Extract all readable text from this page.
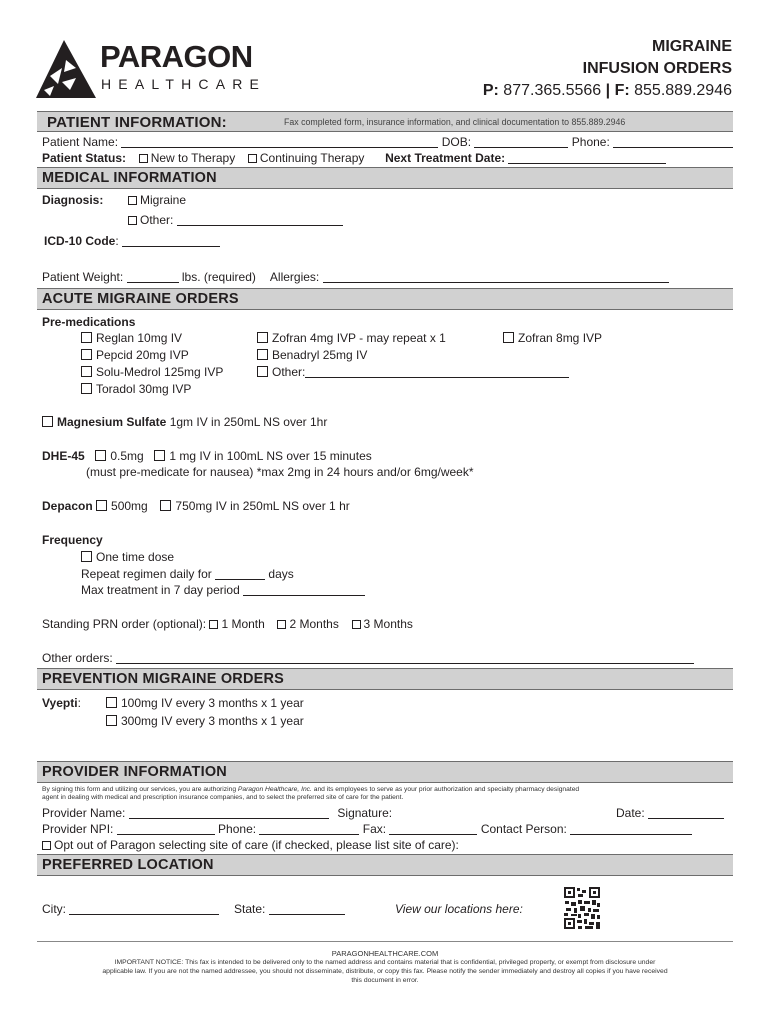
PARAGON
HEALTHCARE
MIGRAINE
INFUSION ORDERS
P: 877.365.5566 | F: 855.889.2946
PATIENT INFORMATION:	Fax completed form, insurance information, and clinical documentation to 855.889.2946
Patient Name:	DOB:	Phone:
Patient Status: New to Therapy Continuing Therapy Next Treatment Date:
MEDICAL INFORMATION
Diagnosis:	Migraine
Other:
ICD-10 Code:
Patient Weight:	lbs. (required) Allergies:
ACUTE MIGRAINE ORDERS
Pre-medications
Reglan 10mg IV
Pepcid 20mg IVP
Solu-Medrol 125mg IVP
Toradol 30mg IVP
Zofran 4mg IVP - may repeat x 1
Benadryl 25mg IV
Other:
Zofran 8mg IVP
Magnesium Sulfate 1gm IV in 250mL NS over 1hr
DHE-45 0.5mg 1 mg IV in 100mL NS over 15 minutes
(must pre-medicate for nausea) *max 2mg in 24 hours and/or 6mg/week*
Depacon 500mg 750mg IV in 250mL NS over 1 hr
Frequency
One time dose
Repeat regimen daily for	days
Max treatment in 7 day period
Standing PRN order (optional): 1 Month 2 Months 3 Months
Other orders:
PREVENTION MIGRAINE ORDERS
Vyepti:	100mg IV every 3 months x 1 year
300mg IV every 3 months x 1 year
PROVIDER INFORMATION
By signing this form and utilizing our services, you are authorizing Paragon Healthcare, Inc. and its employees to serve as your prior authorization and specialty pharmacy designated
agent in dealing with medical and prescription insurance companies, and to select the preferred site of care for the patient.
Provider Name:	Signature:	Date:
Provider NPI:	Phone:	Fax:	Contact Person:
Opt out of Paragon selecting site of care (if checked, please list site of care):
PREFERRED LOCATION
City:	State:	View our locations here:
PARAGONHEALTHCARE.COM
IMPORTANT NOTICE: This fax is intended to be delivered only to the named address and contains material that is confidential, privileged property, or exempt from disclosure under
applicable law. If you are not the named addressee, you should not disseminate, distribute, or copy this fax. Please notify the sender immediately and destroy all copies if you have received
this document in error.
